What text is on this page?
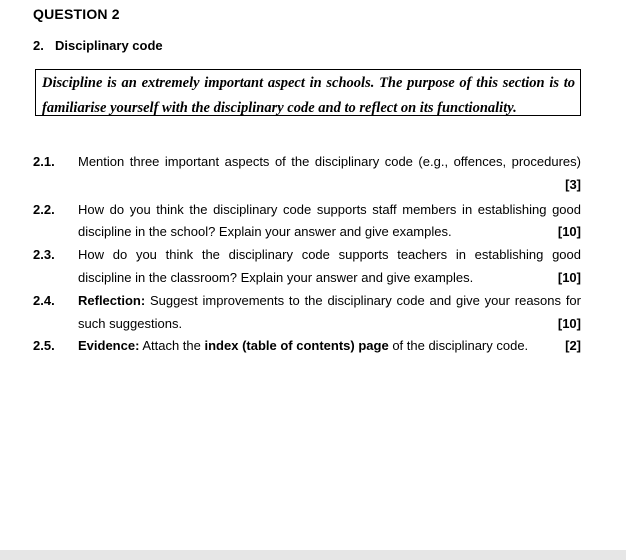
QUESTION 2
2. Disciplinary code
Discipline is an extremely important aspect in schools. The purpose of this section is to
familiarise yourself with the disciplinary code and to reflect on its functionality.
2.1.	Mention three important aspects of the disciplinary code (e.g., offences, procedures)
[3]
2.2.	How do you think the disciplinary code supports staff members in establishing good
discipline in the school? Explain your answer and give examples.	[10]
2.3.	How do you think the disciplinary code supports teachers in establishing good
discipline in the classroom? Explain your answer and give examples.	[10]
2.4.	Reflection: Suggest improvements to the disciplinary code and give your reasons for
such suggestions.	[10]
2.5.	Evidence: Attach the index (table of contents) page of the disciplinary code.	[2]
